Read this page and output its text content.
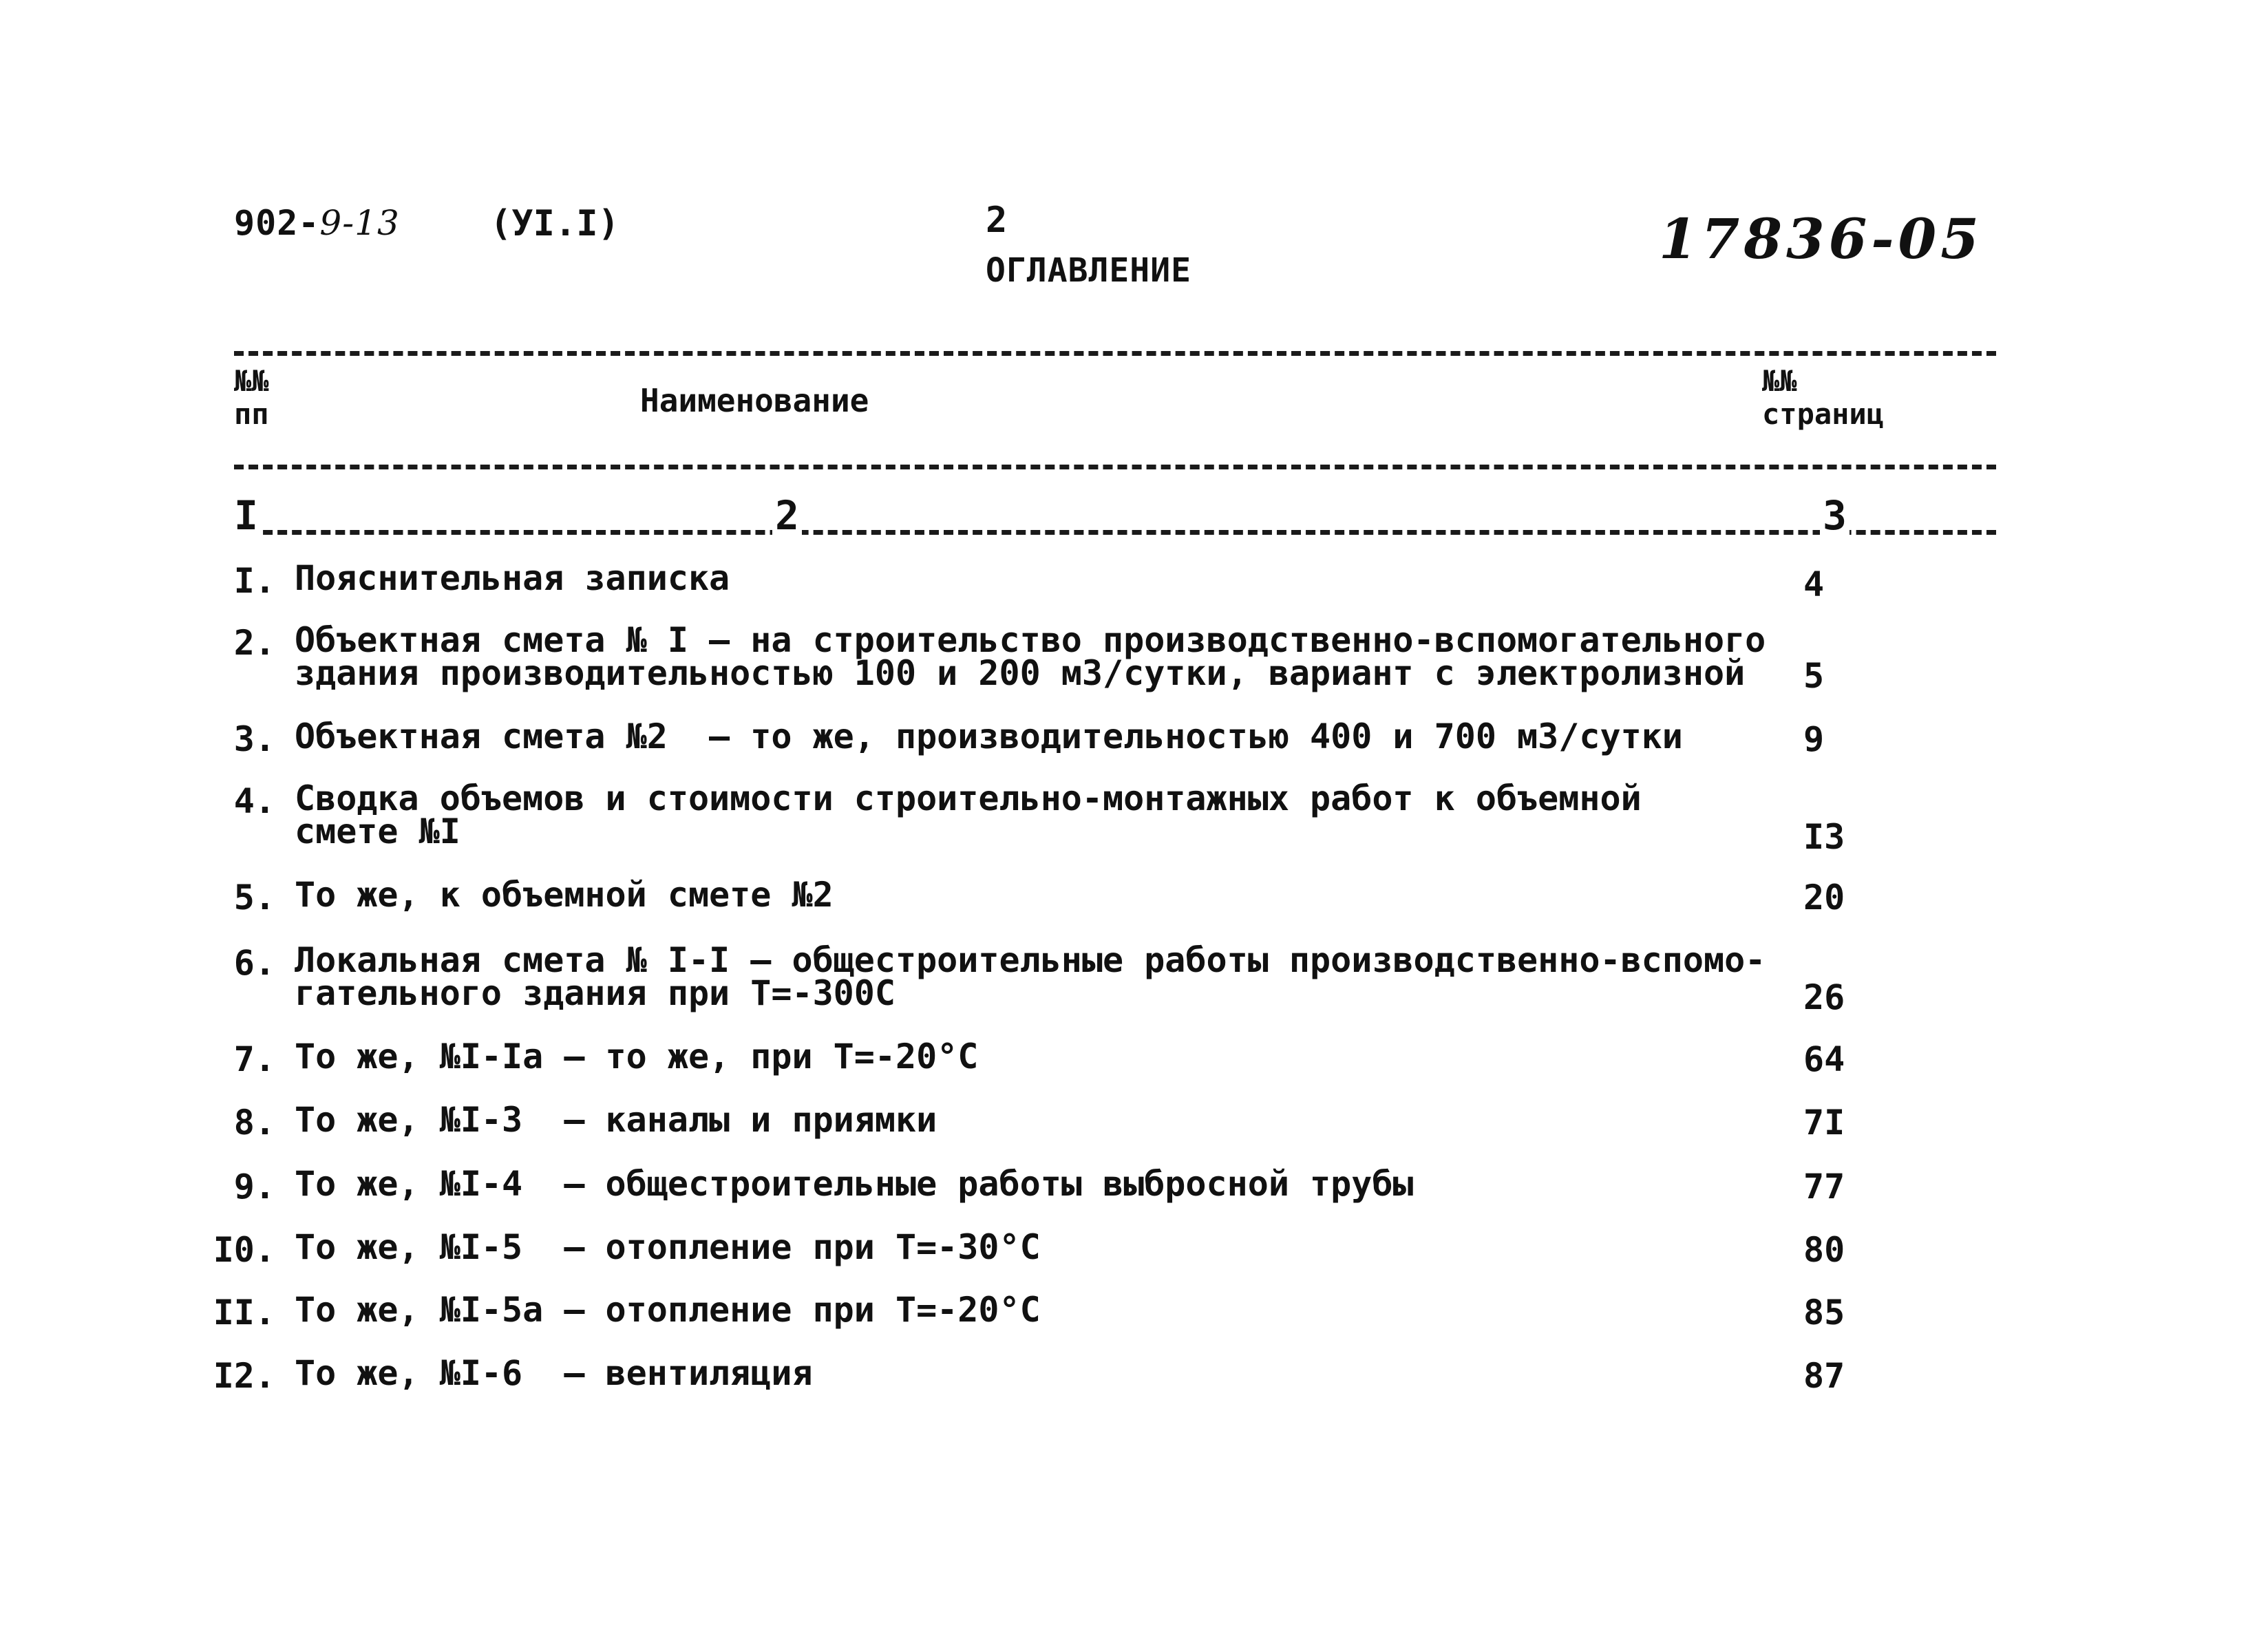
902-9-13	(УI.I)	2
ОГЛАВЛЕНИЕ	17836-05
№№
пп	Наименование
№№
страниц
I	2	3
I. Пояснительная записка	4
2. Объектная смета № I – на строительство производственно-вспомогательного
здания производительностью 100 и 200 м3/сутки, вариант с электролизной 5
3. Объектная смета №2  – то же, производительностью 400 и 700 м3/сутки	9
4. Сводка объемов и стоимости строительно-монтажных работ к объемной
смете №I	I3
5. То же, к объемной смете №2	20
6. Локальная смета № I-I – общестроительные работы производственно-вспомо-
гательного здания при Т=-300С	26
7. То же, №I-Iа – то же, при Т=-20°С	64
8. То же, №I-3  – каналы и приямки	7I
9. То же, №I-4  – общестроительные работы выбросной трубы	77
I0. То же, №I-5  – отопление при Т=-30°С	80
II. То же, №I-5а – отопление при Т=-20°С	85
I2. То же, №I-6  – вентиляция	87
